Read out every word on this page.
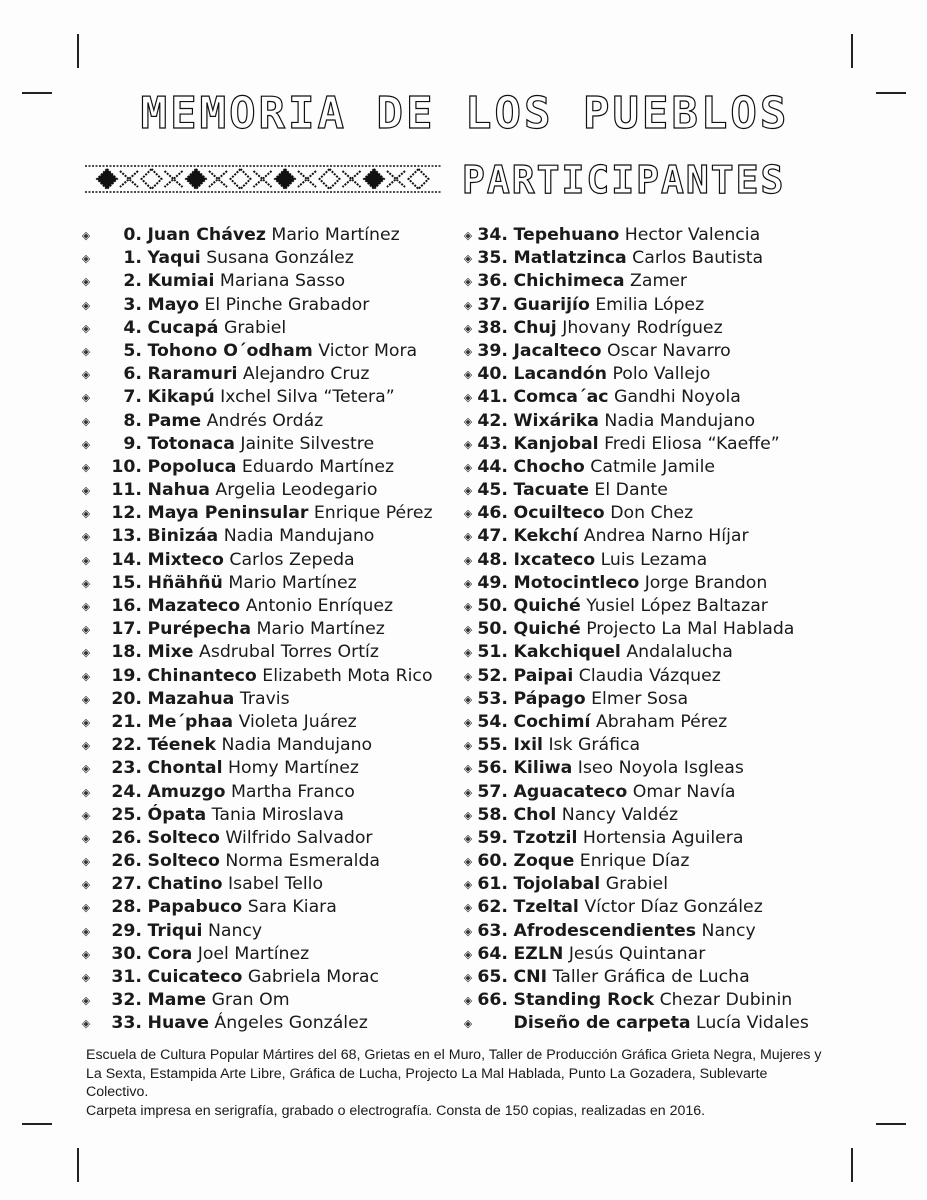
MEMORIA DE LOS PUEBLOS
PARTICIPANTES
◈ 0. Juan Chávez Mario Martínez
◈ 1. Yaqui Susana González
◈ 2. Kumiai Mariana Sasso
◈ 3. Mayo El Pinche Grabador
◈ 4. Cucapá Grabiel
◈ 5. Tohono O´odham Victor Mora
◈ 6. Raramuri Alejandro Cruz
◈ 7. Kikapú Ixchel Silva “Tetera”
◈ 8. Pame Andrés Ordáz
◈ 9. Totonaca Jainite Silvestre
◈ 10. Popoluca Eduardo Martínez
◈ 11. Nahua Argelia Leodegario
◈ 12. Maya Peninsular Enrique Pérez
◈ 13. Binizáa Nadia Mandujano
◈ 14. Mixteco Carlos Zepeda
◈ 15. Hñähñü Mario Martínez
◈ 16. Mazateco Antonio Enríquez
◈ 17. Purépecha Mario Martínez
◈ 18. Mixe Asdrubal Torres Ortíz
◈ 19. Chinanteco Elizabeth Mota Rico
◈ 20. Mazahua Travis
◈ 21. Me´phaa Violeta Juárez
◈ 22. Téenek Nadia Mandujano
◈ 23. Chontal Homy Martínez
◈ 24. Amuzgo Martha Franco
◈ 25. Ópata Tania Miroslava
◈ 26. Solteco Wilfrido Salvador
◈ 26. Solteco Norma Esmeralda
◈ 27. Chatino Isabel Tello
◈ 28. Papabuco Sara Kiara
◈ 29. Triqui Nancy
◈ 30. Cora Joel Martínez
◈ 31. Cuicateco Gabriela Morac
◈ 32. Mame Gran Om
◈ 33. Huave Ángeles González
◈ 34. Tepehuano Hector Valencia
◈ 35. Matlatzinca Carlos Bautista
◈ 36. Chichimeca Zamer
◈ 37. Guarijío Emilia López
◈ 38. Chuj Jhovany Rodríguez
◈ 39. Jacalteco Oscar Navarro
◈ 40. Lacandón Polo Vallejo
◈ 41. Comca´ac Gandhi Noyola
◈ 42. Wixárika Nadia Mandujano
◈ 43. Kanjobal Fredi Eliosa “Kaeffe”
◈ 44. Chocho Catmile Jamile
◈ 45. Tacuate El Dante
◈ 46. Ocuilteco Don Chez
◈ 47. Kekchí Andrea Narno Híjar
◈ 48. Ixcateco Luis Lezama
◈ 49. Motocintleco Jorge Brandon
◈ 50. Quiché Yusiel López Baltazar
◈ 50. Quiché Projecto La Mal Hablada
◈ 51. Kakchiquel Andalalucha
◈ 52. Paipai Claudia Vázquez
◈ 53. Pápago Elmer Sosa
◈ 54. Cochimí Abraham Pérez
◈ 55. Ixil Isk Gráfica
◈ 56. Kiliwa Iseo Noyola Isgleas
◈ 57. Aguacateco Omar Navía
◈ 58. Chol Nancy Valdéz
◈ 59. Tzotzil Hortensia Aguilera
◈ 60. Zoque Enrique Díaz
◈ 61. Tojolabal Grabiel
◈ 62. Tzeltal Víctor Díaz González
◈ 63. Afrodescendientes Nancy
◈ 64. EZLN Jesús Quintanar
◈ 65. CNI Taller Gráfica de Lucha
◈ 66. Standing Rock Chezar Dubinin
◈ Diseño de carpeta Lucía Vidales

Escuela de Cultura Popular Mártires del 68, Grietas en el Muro, Taller de Producción Gráfica Grieta Negra, Mujeres y La Sexta, Estampida Arte Libre, Gráfica de Lucha, Projecto La Mal Hablada, Punto La Gozadera, Sublevarte Colectivo.

Carpeta impresa en serigrafía, grabado o electrografía. Consta de 150 copias, realizadas en 2016.
